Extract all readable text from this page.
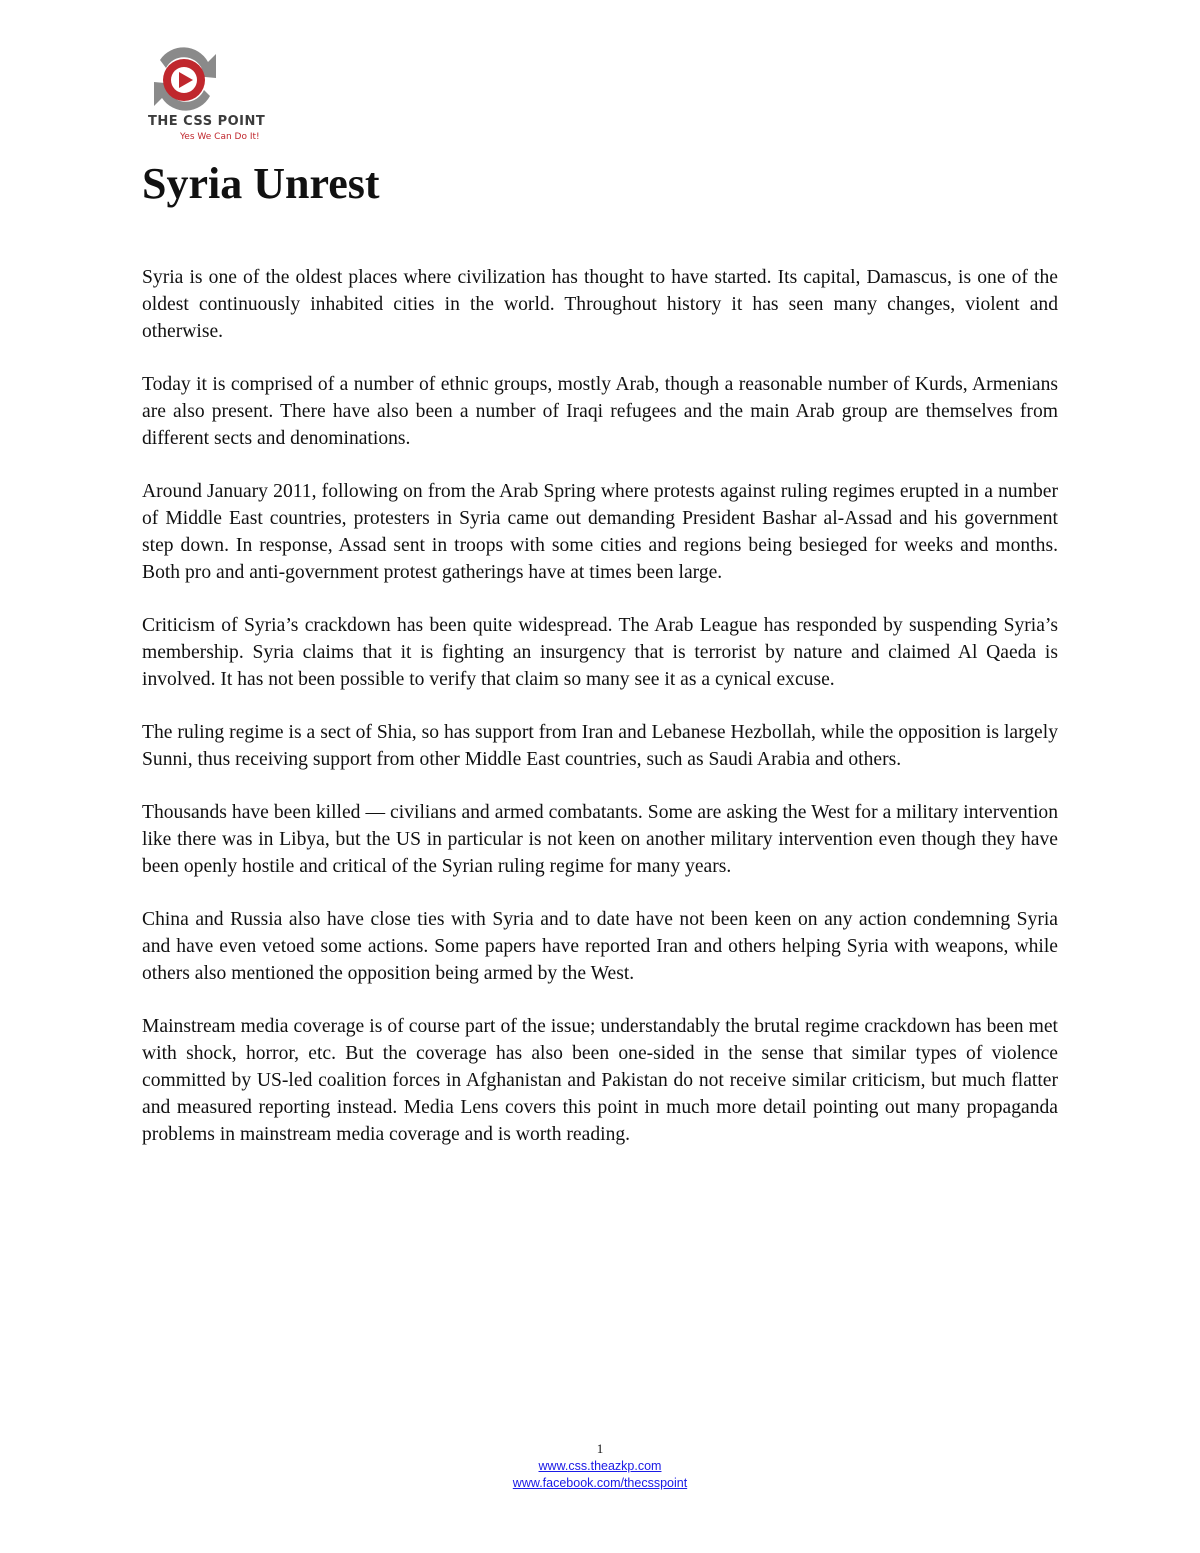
THE CSS POINT
Yes We Can Do It!
Syria Unrest

Syria is one of the oldest places where civilization has thought to have started. Its capital, Damascus, is one of the oldest continuously inhabited cities in the world. Throughout history it has seen many changes, violent and otherwise.

Today it is comprised of a number of ethnic groups, mostly Arab, though a reasonable number of Kurds, Armenians are also present. There have also been a number of Iraqi refugees and the main Arab group are themselves from different sects and denominations.

Around January 2011, following on from the Arab Spring where protests against ruling regimes erupted in a number of Middle East countries, protesters in Syria came out demanding President Bashar al-Assad and his government step down. In response, Assad sent in troops with some cities and regions being besieged for weeks and months. Both pro and anti-government protest gatherings have at times been large.

Criticism of Syria’s crackdown has been quite widespread. The Arab League has responded by suspending Syria’s membership. Syria claims that it is fighting an insurgency that is terrorist by nature and claimed Al Qaeda is involved. It has not been possible to verify that claim so many see it as a cynical excuse.

The ruling regime is a sect of Shia, so has support from Iran and Lebanese Hezbollah, while the opposition is largely Sunni, thus receiving support from other Middle East countries, such as Saudi Arabia and others.

Thousands have been killed — civilians and armed combatants. Some are asking the West for a military intervention like there was in Libya, but the US in particular is not keen on another military intervention even though they have been openly hostile and critical of the Syrian ruling regime for many years.

China and Russia also have close ties with Syria and to date have not been keen on any action condemning Syria and have even vetoed some actions. Some papers have reported Iran and others helping Syria with weapons, while others also mentioned the opposition being armed by the West.

Mainstream media coverage is of course part of the issue; understandably the brutal regime crackdown has been met with shock, horror, etc. But the coverage has also been one-sided in the sense that similar types of violence committed by US-led coalition forces in Afghanistan and Pakistan do not receive similar criticism, but much flatter and measured reporting instead. Media Lens covers this point in much more detail pointing out many propaganda problems in mainstream media coverage and is worth reading.

1
www.css.theazkp.com
www.facebook.com/thecsspoint
